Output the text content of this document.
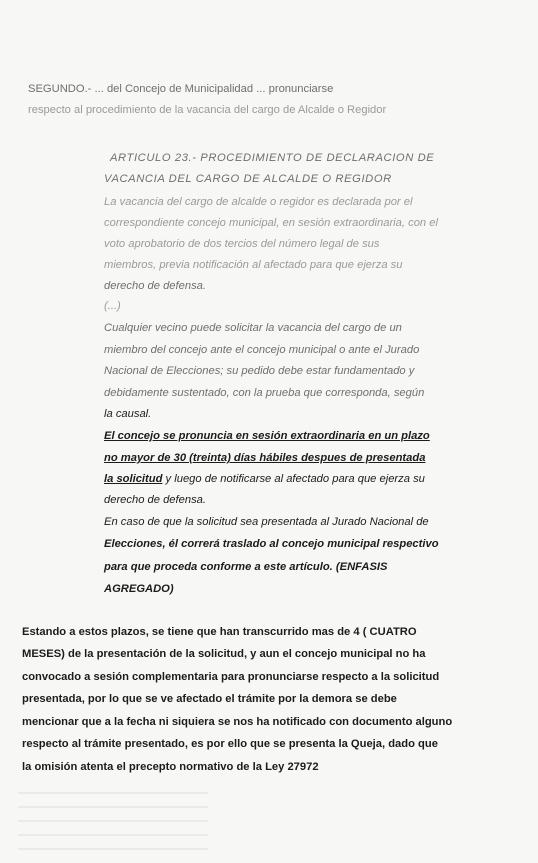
SEGUNDO.- ... del Concejo de Municipalidad ... pronunciarse
respecto al procedimiento de la vacancia del cargo de Alcalde o Regidor
ARTICULO 23.- PROCEDIMIENTO DE DECLARACION DE
VACANCIA DEL CARGO DE ALCALDE O REGIDOR
La vacancia del cargo de alcalde o regidor es declarada por el
correspondiente concejo municipal, en sesión extraordinaria, con el
voto aprobatorio de dos tercios del número legal de sus
miembros, previa notificación al afectado para que ejerza su
derecho de defensa.
(...)
Cualquier vecino puede solicitar la vacancia del cargo de un
miembro del concejo ante el concejo municipal o ante el Jurado
Nacional de Elecciones; su pedido debe estar fundamentado y
debidamente sustentado, con la prueba que corresponda, según
la causal.
El concejo se pronuncia en sesión extraordinaria en un plazo
no mayor de 30 (treinta) días hábiles despues de presentada
la solicitud y luego de notificarse al afectado para que ejerza su
derecho de defensa.
En caso de que la solicitud sea presentada al Jurado Nacional de
Elecciones, él correrá traslado al concejo municipal respectivo
para que proceda conforme a este artículo. (ENFASIS
AGREGADO)
Estando a estos plazos, se tiene que han transcurrido mas de 4 ( CUATRO
MESES) de la presentación de la solicitud, y aun el concejo municipal no ha
convocado a sesión complementaria para pronunciarse respecto a la solicitud
presentada, por lo que se ve afectado el trámite por la demora se debe
mencionar que a la fecha ni siquiera se nos ha notificado con documento alguno
respecto al trámite presentado, es por ello que se presenta la Queja, dado que
la omisión atenta el precepto normativo de la Ley 27972
